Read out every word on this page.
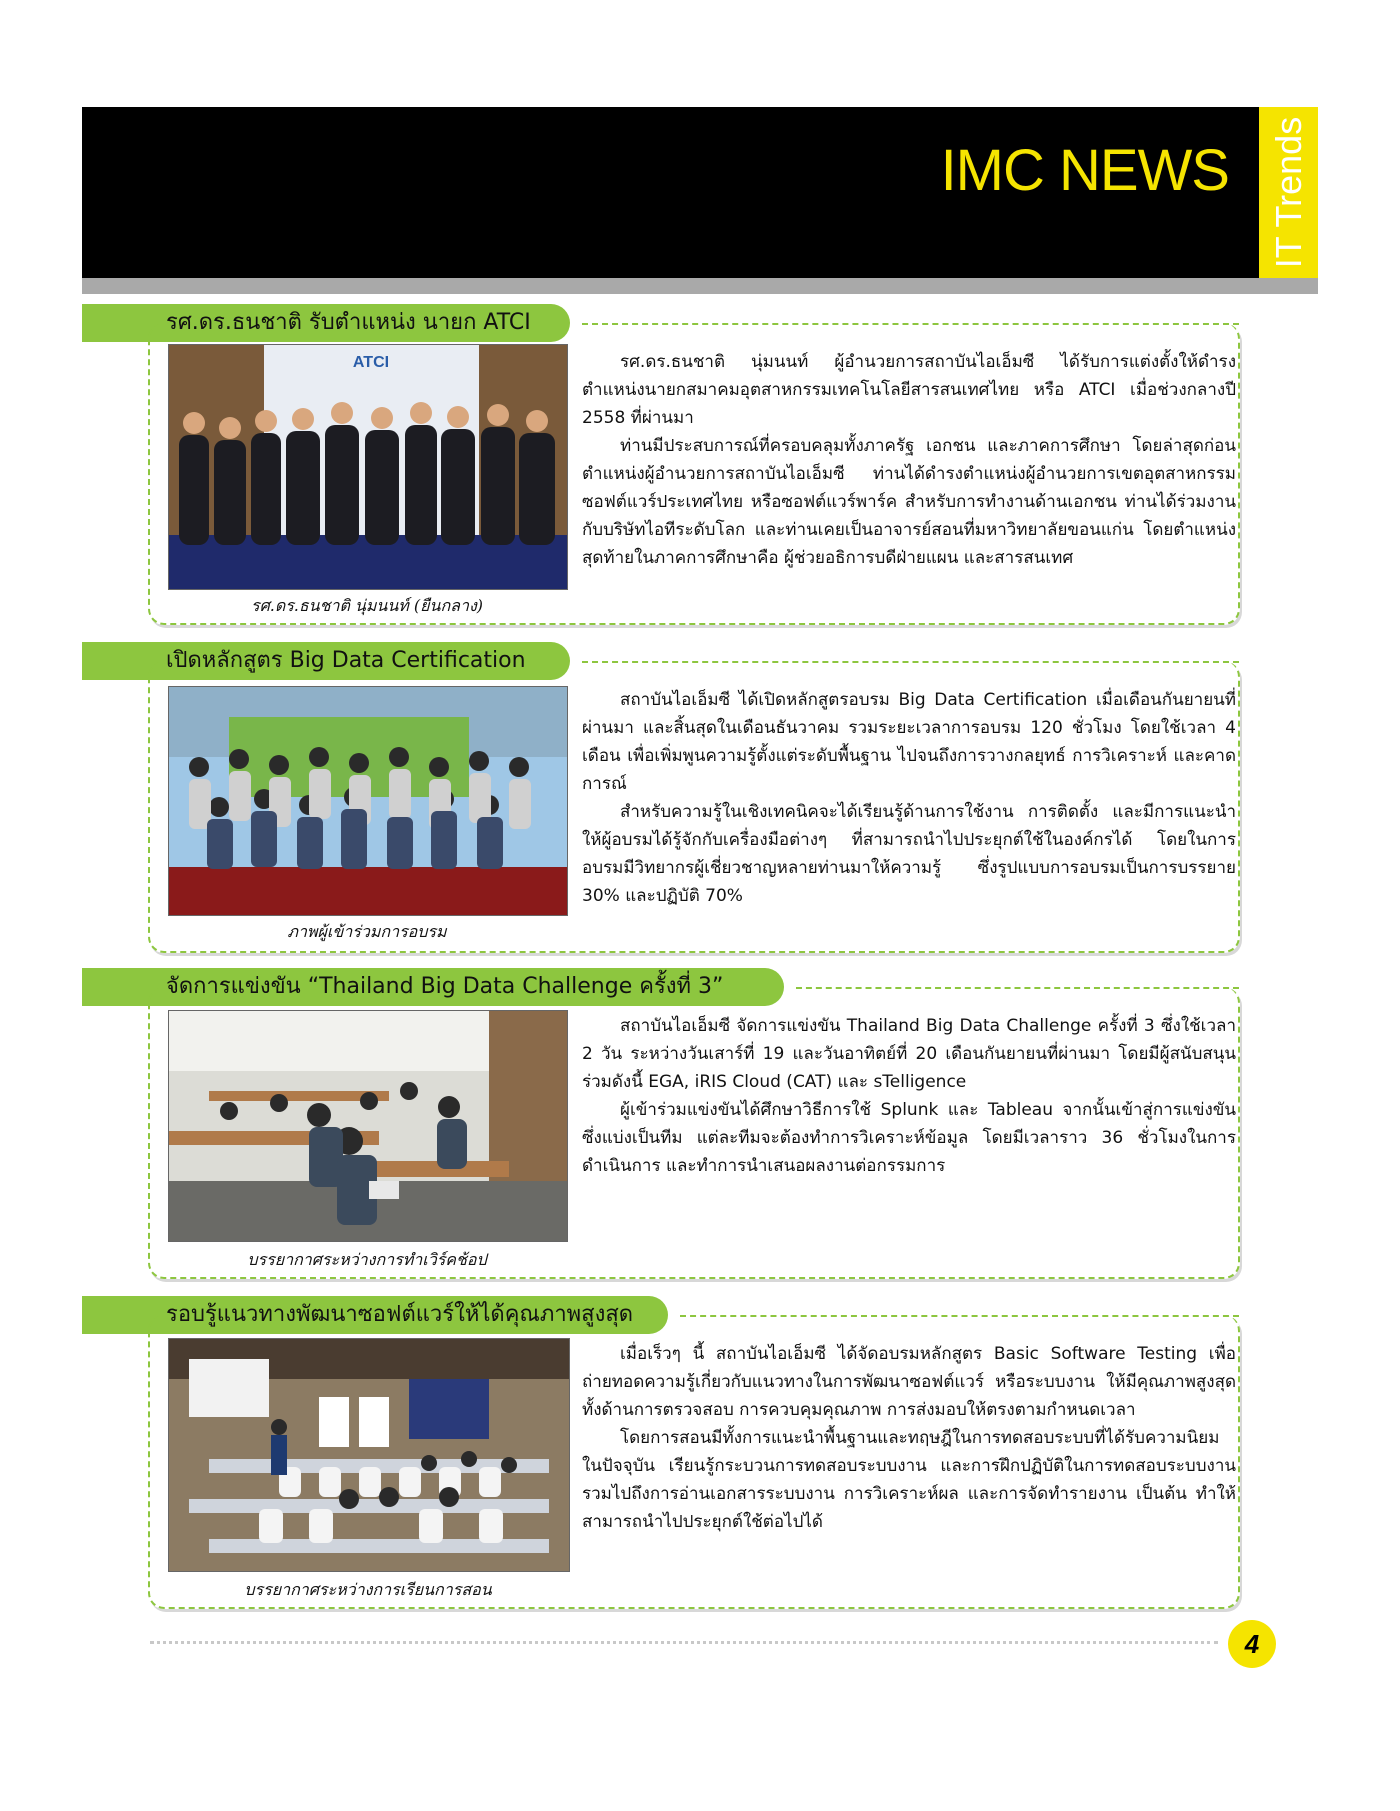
IMC NEWS IT Trends
รศ.ดร.ธนชาติ รับตำแหน่ง นายก ATCI
ATCI
รศ.ดร.ธนชาติ นุ่มนนท์ (ยืนกลาง)

รศ.ดร.ธนชาติ นุ่มนนท์ ผู้อำนวยการสถาบันไอเอ็มซี ได้รับการแต่งตั้งให้ดำรงตำแหน่งนายกสมาคมอุตสาหกรรมเทคโนโลยีสารสนเทศไทย หรือ ATCI เมื่อช่วงกลางปี 2558 ที่ผ่านมา

ท่านมีประสบการณ์ที่ครอบคลุมทั้งภาครัฐ เอกชน และภาคการศึกษา โดยล่าสุดก่อนตำแหน่งผู้อำนวยการสถาบันไอเอ็มซี ท่านได้ดำรงตำแหน่งผู้อำนวยการเขตอุตสาหกรรมซอฟต์แวร์ประเทศไทย หรือซอฟต์แวร์พาร์ค สำหรับการทำงานด้านเอกชน ท่านได้ร่วมงานกับบริษัทไอทีระดับโลก และท่านเคยเป็นอาจารย์สอนที่มหาวิทยาลัยขอนแก่น โดยตำแหน่งสุดท้ายในภาคการศึกษาคือ ผู้ช่วยอธิการบดีฝ่ายแผน และสารสนเทศ

เปิดหลักสูตร Big Data Certification
ภาพผู้เข้าร่วมการอบรม

สถาบันไอเอ็มซี ได้เปิดหลักสูตรอบรม Big Data Certification เมื่อเดือนกันยายนที่ผ่านมา และสิ้นสุดในเดือนธันวาคม รวมระยะเวลาการอบรม 120 ชั่วโมง โดยใช้เวลา 4 เดือน เพื่อเพิ่มพูนความรู้ตั้งแต่ระดับพื้นฐาน ไปจนถึงการวางกลยุทธ์ การวิเคราะห์ และคาดการณ์

สำหรับความรู้ในเชิงเทคนิคจะได้เรียนรู้ด้านการใช้งาน การติดตั้ง และมีการแนะนำให้ผู้อบรมได้รู้จักกับเครื่องมือต่างๆ ที่สามารถนำไปประยุกต์ใช้ในองค์กรได้ โดยในการอบรมมีวิทยากรผู้เชี่ยวชาญหลายท่านมาให้ความรู้ ซึ่งรูปแบบการอบรมเป็นการบรรยาย 30% และปฏิบัติ 70%

จัดการแข่งขัน “Thailand Big Data Challenge ครั้งที่ 3”
บรรยากาศระหว่างการทำเวิร์คช้อป

สถาบันไอเอ็มซี จัดการแข่งขัน Thailand Big Data Challenge ครั้งที่ 3 ซึ่งใช้เวลา 2 วัน ระหว่างวันเสาร์ที่ 19 และวันอาทิตย์ที่ 20 เดือนกันยายนที่ผ่านมา โดยมีผู้สนับสนุนร่วมดังนี้ EGA, iRIS Cloud (CAT) และ sTelligence

ผู้เข้าร่วมแข่งขันได้ศึกษาวิธีการใช้ Splunk และ Tableau จากนั้นเข้าสู่การแข่งขันซึ่งแบ่งเป็นทีม แต่ละทีมจะต้องทำการวิเคราะห์ข้อมูล โดยมีเวลาราว 36 ชั่วโมงในการดำเนินการ และทำการนำเสนอผลงานต่อกรรมการ

รอบรู้แนวทางพัฒนาซอฟต์แวร์ให้ได้คุณภาพสูงสุด
บรรยากาศระหว่างการเรียนการสอน

เมื่อเร็วๆ นี้ สถาบันไอเอ็มซี ได้จัดอบรมหลักสูตร Basic Software Testing เพื่อถ่ายทอดความรู้เกี่ยวกับแนวทางในการพัฒนาซอฟต์แวร์ หรือระบบงาน ให้มีคุณภาพสูงสุด ทั้งด้านการตรวจสอบ การควบคุมคุณภาพ การส่งมอบให้ตรงตามกำหนดเวลา

โดยการสอนมีทั้งการแนะนำพื้นฐานและทฤษฎีในการทดสอบระบบที่ได้รับความนิยมในปัจจุบัน เรียนรู้กระบวนการทดสอบระบบงาน และการฝึกปฏิบัติในการทดสอบระบบงาน รวมไปถึงการอ่านเอกสารระบบงาน การวิเคราะห์ผล และการจัดทำรายงาน เป็นต้น ทำให้สามารถนำไปประยุกต์ใช้ต่อไปได้

4
